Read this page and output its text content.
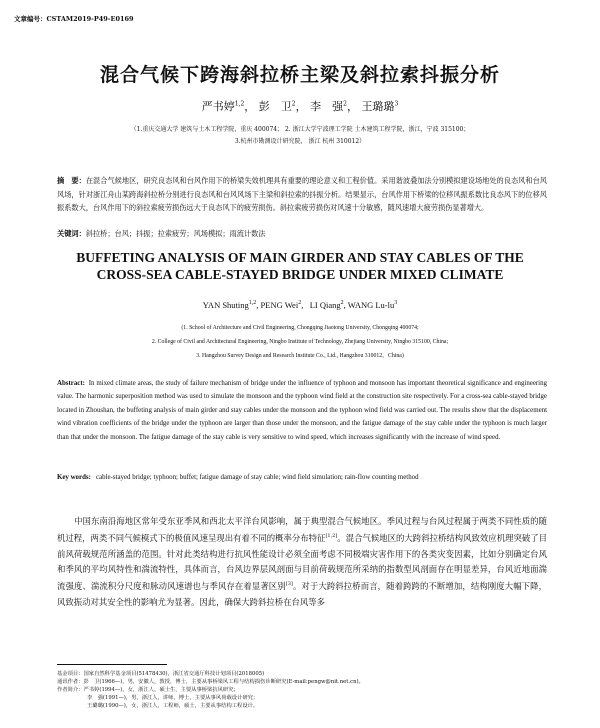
文章编号：CSTAM2019-P49-E0169
混合气候下跨海斜拉桥主梁及斜拉索抖振分析
严书婷$^{1,2}$， 彭　卫$^2$， 李　强$^2$， 王璐璐$^3$
（1.重庆交通大学 建筑与土木工程学院，重庆 400074； 2. 浙江大学宁波理工学院 土木建筑工程学院，浙江，宁波 315100；
3.杭州市勘测设计研究院， 浙江 杭州 310012）
摘　要：在混合气候地区，研究良态风和台风作用下的桥梁失效机理具有重要的理论意义和工程价值。采用谐波叠加法分别模拟建设场地处的良态风和台风风场，针对浙江舟山某跨海斜拉桥分别进行良态风和台风风场下主梁和斜拉索的抖振分析。结果显示，台风作用下桥梁的位移风振系数比良态风下的位移风振系数大，台风作用下的斜拉索疲劳损伤远大于良态风下的疲劳损伤。斜拉索疲劳损伤对风速十分敏感，随风速增大疲劳损伤显著增大。
关键词：斜拉桥；台风；抖振；拉索疲劳；风场模拟；雨流计数法
BUFFETING ANALYSIS OF MAIN GIRDER AND STAY CABLES OF THE
CROSS-SEA CABLE-STAYED BRIDGE UNDER MIXED CLIMATE
YAN Shuting$^{1,2}$, PENG Wei$^2$,   LI Qiang$^2$, WANG $Lu-lu^3$
(1. School of Architecture and Civil Engineering, Chongqing Jiaotong University, Chongqing 400074;
2. College of Civil and Architectural Engineering, Ningbo Institute of Technology, Zhejiang University, Ningbo 315100, China;
3. Hangzhou Survey Design and Research Institute Co., Ltd., Hangzhou 310012，China)
Abstract: In mixed climate areas, the study of failure mechanism of bridge under the influence of typhoon and monsoon has important theoretical significance and engineering value. The harmonic superposition method was used to simulate the monsoon and the typhoon wind field at the construction site respectively. For a cross-sea cable-stayed bridge located in Zhoushan, the buffeting analysis of main girder and stay cables under the monsoon and the typhoon wind field was carried out. The results show that the displacement wind vibration coefficients of the bridge under the typhoon are larger than those under the monsoon, and the fatigue damage of the stay cable under the typhoon is much larger than that under the monsoon. The fatigue damage of the stay cable is very sensitive to wind speed, which increases significantly with the increase of wind speed.
Key words: cable-stayed bridge; typhoon; buffet; fatigue damage of stay cable; wind field simulation; rain-flow counting method
中国东南沿海地区常年受东亚季风和西北太平洋台风影响，属于典型混合气候地区。季风过程与台风过程属于两类不同性质的随机过程，两类不同气候模式下的极值风速呈现出有着不同的概率分布特征[1,2]。混合气候地区的大跨斜拉桥结构风致效应机理突破了目前风荷载规范所涵盖的范围。针对此类结构进行抗风性能设计必须全面考虑不同极端灾害作用下的各类灾变因素，比如分别确定台风和季风的平均风特性和湍流特性，具体而言，台风边界层风剖面与目前荷载规范所采纳的指数型风剖面存在明显差异，台风近地面湍流强度、湍流积分尺度和脉动风速谱也与季风存在着显著区别[3]。对于大跨斜拉桥而言，随着跨跨的不断增加，结构刚度大幅下降，风致振动对其安全性的影响尤为显著。因此，确保大跨斜拉桥在台风等多
基金项目：国家自然科学基金项目(51478430)，浙江省交通厅科技计划项目(2018005)
通讯作者：彭　卫(1966—)，男，安徽人，教授，博士，主要从事桥梁风工程与结构损伤诊断研究(E-mail:pengw@nit.net.cn)。
作者简介：严书婷(1994—)，女，浙江人，硕士生，主要从事桥梁抗风研究；
李　强(1991—)，男，浙江人，讲师，博士，主要从事风荷载设计研究；
王璐璐(1990—)，女，浙江人，工程师，硕士，主要从事结构工程设计。
